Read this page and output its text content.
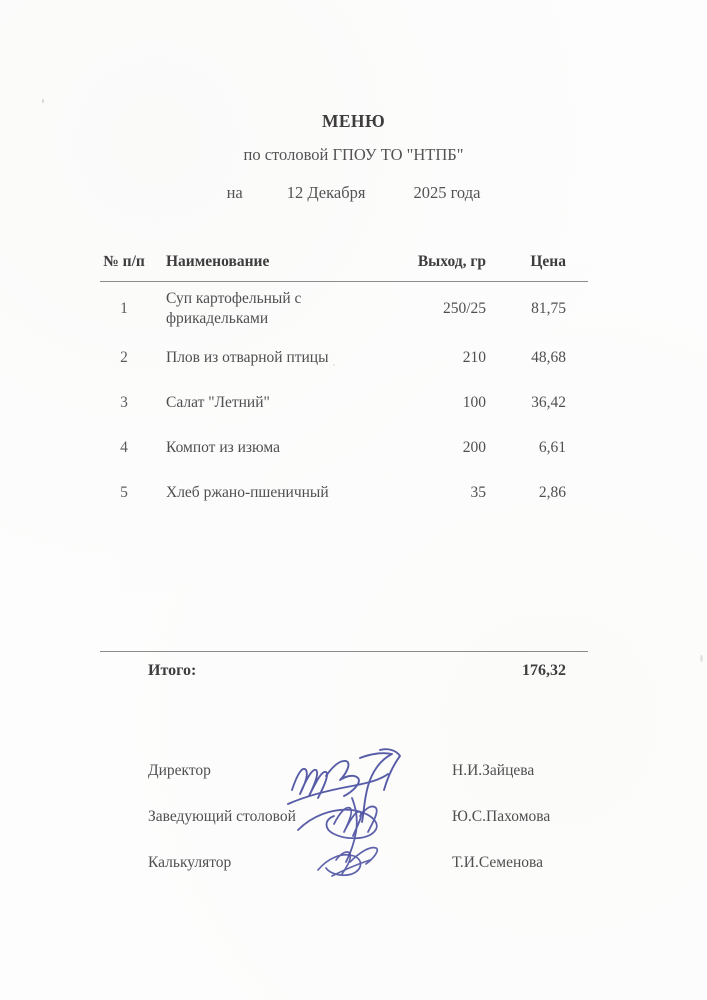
МЕНЮ
по столовой ГПОУ ТО "НТПБ"
на	12 Декабря	2025 года
№ п/п	Наименование	Выход, гр	Цена
1	Суп картофельный с фрикадельками	250/25	81,75
2	Плов из отварной птицы	210	48,68
3	Салат "Летний"	100	36,42
4	Компот из изюма	200	6,61
5	Хлеб ржано-пшеничный	35	2,86
Итого:	176,32
Директор	Н.И.Зайцева
Заведующий столовой	Ю.С.Пахомова
Калькулятор	Т.И.Семенова
